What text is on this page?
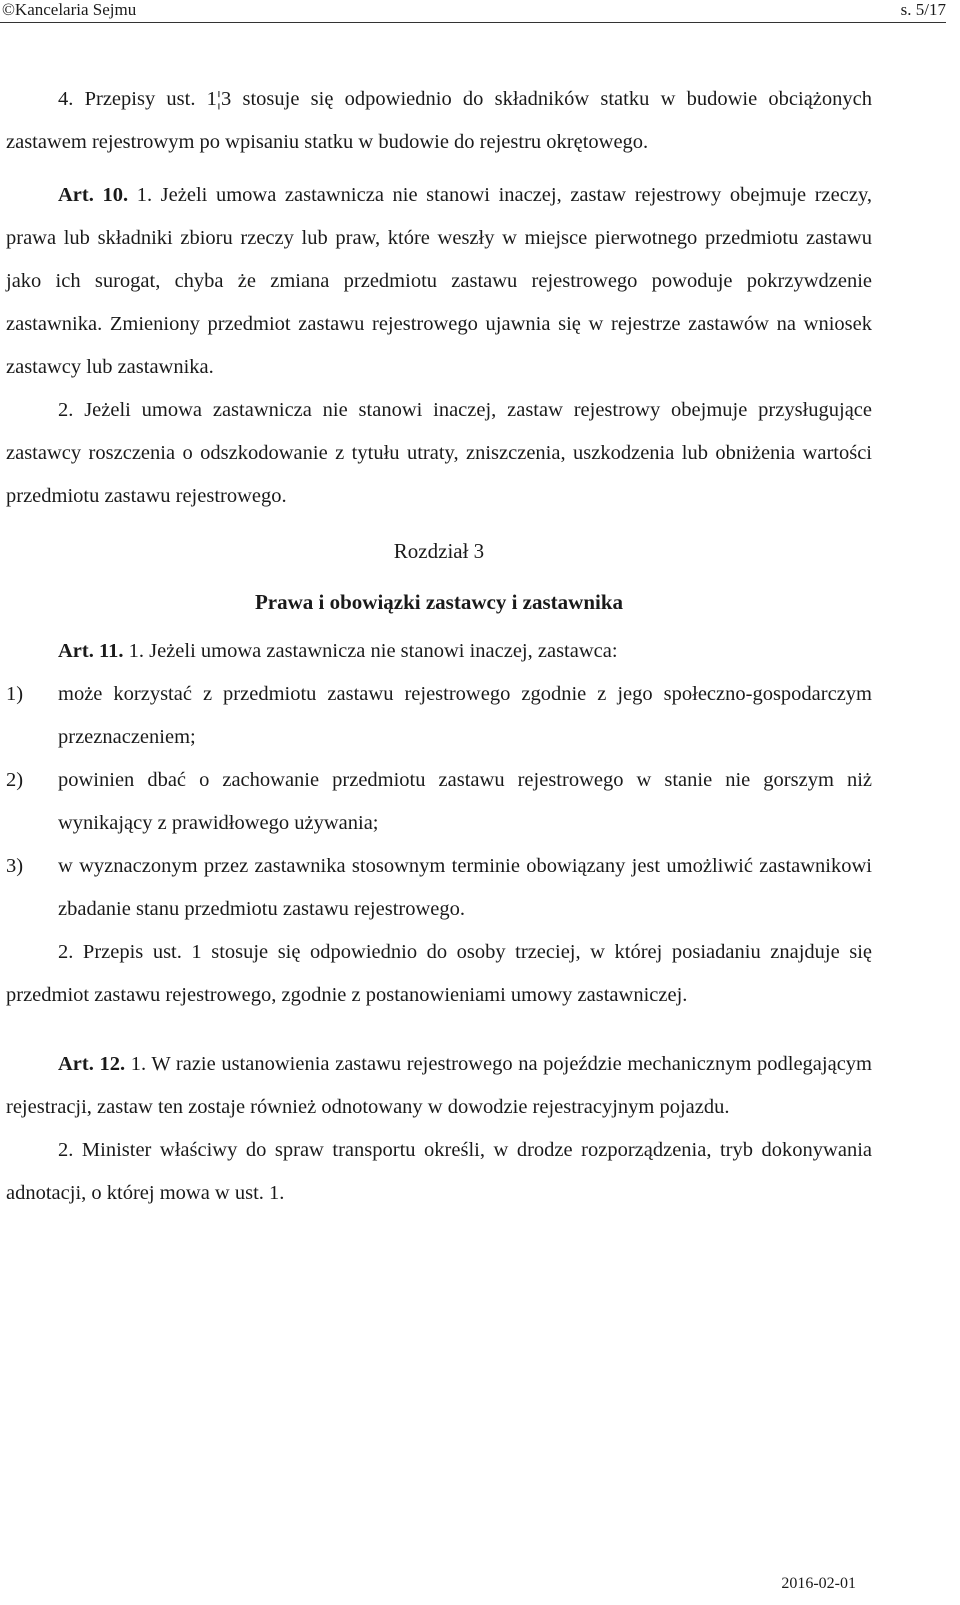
©Kancelaria Sejmu	s. 5/17

4. Przepisy ust. 1¦3 stosuje się odpowiednio do składników statku w budowie obciążonych zastawem rejestrowym po wpisaniu statku w budowie do rejestru okrętowego.

Art. 10. 1. Jeżeli umowa zastawnicza nie stanowi inaczej, zastaw rejestrowy obejmuje rzeczy, prawa lub składniki zbioru rzeczy lub praw, które weszły w miejsce pierwotnego przedmiotu zastawu jako ich surogat, chyba że zmiana przedmiotu zastawu rejestrowego powoduje pokrzywdzenie zastawnika. Zmieniony przedmiot zastawu rejestrowego ujawnia się w rejestrze zastawów na wniosek zastawcy lub zastawnika.

2. Jeżeli umowa zastawnicza nie stanowi inaczej, zastaw rejestrowy obejmuje przysługujące zastawcy roszczenia o odszkodowanie z tytułu utraty, zniszczenia, uszkodzenia lub obniżenia wartości przedmiotu zastawu rejestrowego.

Rozdział 3
Prawa i obowiązki zastawcy i zastawnika

Art. 11. 1. Jeżeli umowa zastawnicza nie stanowi inaczej, zastawca:

1) może korzystać z przedmiotu zastawu rejestrowego zgodnie z jego społeczno-gospodarczym przeznaczeniem;
2) powinien dbać o zachowanie przedmiotu zastawu rejestrowego w stanie nie gorszym niż wynikający z prawidłowego używania;
3) w wyznaczonym przez zastawnika stosownym terminie obowiązany jest umożliwić zastawnikowi zbadanie stanu przedmiotu zastawu rejestrowego.

2. Przepis ust. 1 stosuje się odpowiednio do osoby trzeciej, w której posiadaniu znajduje się przedmiot zastawu rejestrowego, zgodnie z postanowieniami umowy zastawniczej.

Art. 12. 1. W razie ustanowienia zastawu rejestrowego na pojeździe mechanicznym podlegającym rejestracji, zastaw ten zostaje również odnotowany w dowodzie rejestracyjnym pojazdu.

2. Minister właściwy do spraw transportu określi, w drodze rozporządzenia, tryb dokonywania adnotacji, o której mowa w ust. 1.

2016-02-01
